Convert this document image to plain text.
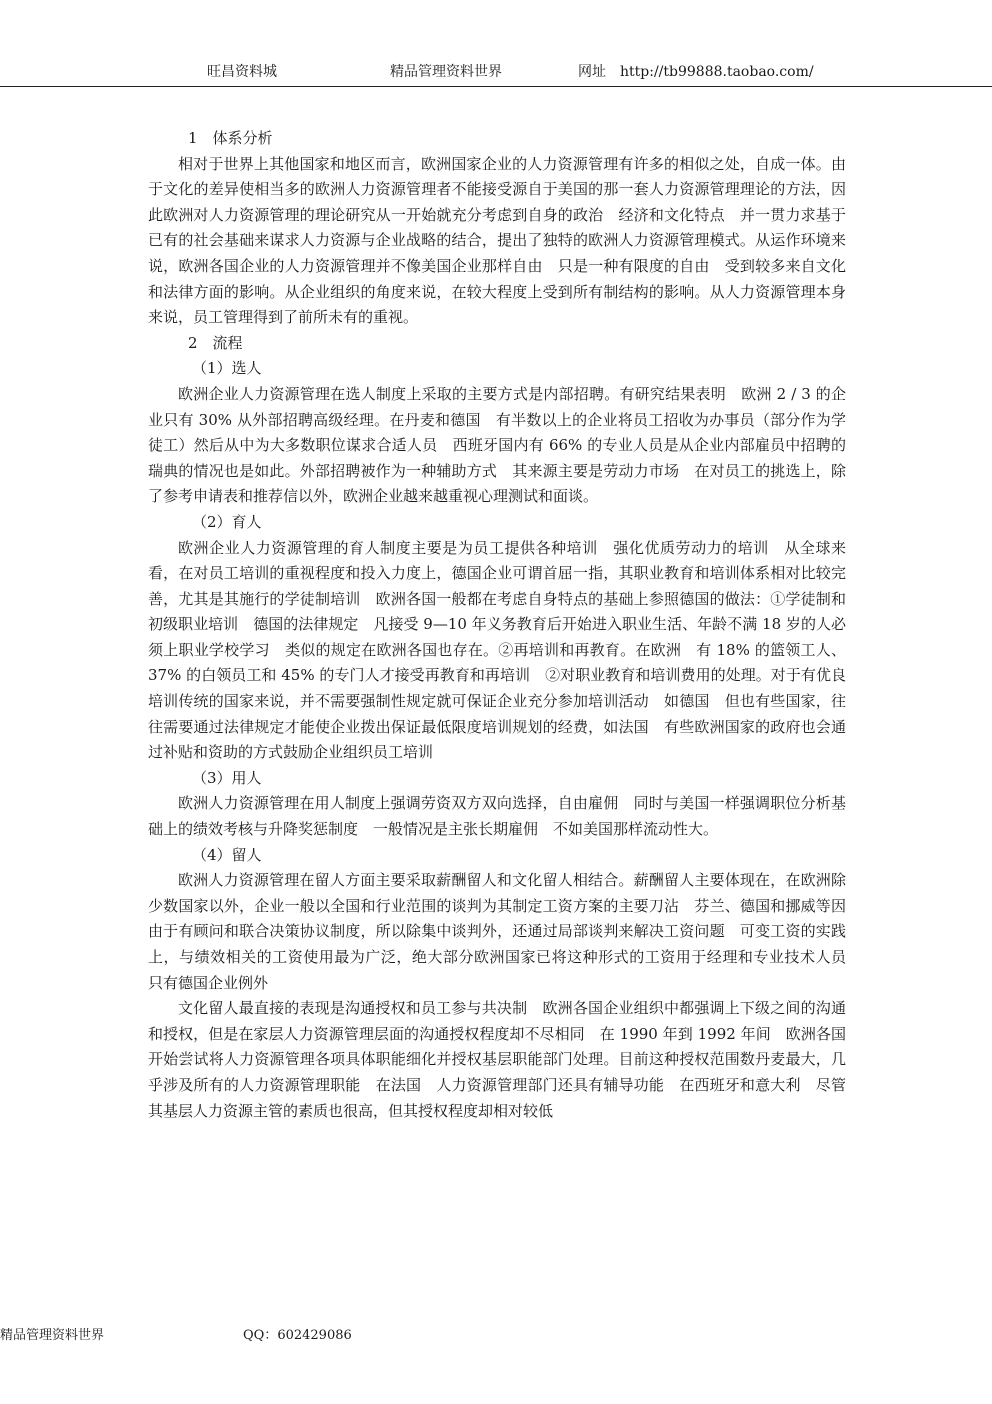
旺昌资料城	精品管理资料世界	网址　http://tb99888.taobao.com/

1　体系分析

相对于世界上其他国家和地区而言，欧洲国家企业的人力资源管理有许多的相似之处，自成一体。由于文化的差异使相当多的欧洲人力资源管理者不能接受源自于美国的那一套人力资源管理理论的方法，因此欧洲对人力资源管理的理论研究从一开始就充分考虑到自身的政治　经济和文化特点　并一贯力求基于已有的社会基础来谋求人力资源与企业战略的结合，提出了独特的欧洲人力资源管理模式。从运作环境来说，欧洲各国企业的人力资源管理并不像美国企业那样自由　只是一种有限度的自由　受到较多来自文化和法律方面的影响。从企业组织的角度来说，在较大程度上受到所有制结构的影响。从人力资源管理本身来说，员工管理得到了前所未有的重视。

2　流程

（1）选人

欧洲企业人力资源管理在选人制度上采取的主要方式是内部招聘。有研究结果表明　欧洲 2 / 3 的企业只有 30% 从外部招聘高级经理。在丹麦和德国　有半数以上的企业将员工招收为办事员（部分作为学徒工）然后从中为大多数职位谋求合适人员　西班牙国内有 66% 的专业人员是从企业内部雇员中招聘的　瑞典的情况也是如此。外部招聘被作为一种辅助方式　其来源主要是劳动力市场　在对员工的挑选上，除了参考申请表和推荐信以外，欧洲企业越来越重视心理测试和面谈。

（2）育人

欧洲企业人力资源管理的育人制度主要是为员工提供各种培训　强化优质劳动力的培训　从全球来看，在对员工培训的重视程度和投入力度上，德国企业可谓首屈一指，其职业教育和培训体系相对比较完善，尤其是其施行的学徒制培训　欧洲各国一般都在考虑自身特点的基础上参照德国的做法：①学徒制和初级职业培训　德国的法律规定　凡接受 9—10 年义务教育后开始进入职业生活、年龄不满 18 岁的人必须上职业学校学习　类似的规定在欧洲各国也存在。②再培训和再教育。在欧洲　有 18% 的篮领工人、37% 的白领员工和 45% 的专门人才接受再教育和再培训　②对职业教育和培训费用的处理。对于有优良培训传统的国家来说，并不需要强制性规定就可保证企业充分参加培训活动　如德国　但也有些国家，往往需要通过法律规定才能使企业拨出保证最低限度培训规划的经费，如法国　有些欧洲国家的政府也会通过补贴和资助的方式鼓励企业组织员工培训

（3）用人

欧洲人力资源管理在用人制度上强调劳资双方双向选择，自由雇佣　同时与美国一样强调职位分析基础上的绩效考核与升降奖惩制度　一般情况是主张长期雇佣　不如美国那样流动性大。

（4）留人

欧洲人力资源管理在留人方面主要采取薪酬留人和文化留人相结合。薪酬留人主要体现在，在欧洲除少数国家以外，企业一般以全国和行业范围的谈判为其制定工资方案的主要刀沾　芬兰、德国和挪威等因由于有顾问和联合决策协议制度，所以除集中谈判外，还通过局部谈判来解决工资问题　可变工资的实践上，与绩效相关的工资使用最为广泛，绝大部分欧洲国家已将这种形式的工资用于经理和专业技术人员　只有德国企业例外

文化留人最直接的表现是沟通授权和员工参与共决制　欧洲各国企业组织中都强调上下级之间的沟通和授权，但是在家层人力资源管理层面的沟通授权程度却不尽相同　在 1990 年到 1992 年间　欧洲各国开始尝试将人力资源管理各项具体职能细化并授权基层职能部门处理。目前这种授权范围数丹麦最大，几乎涉及所有的人力资源管理职能　在法国　人力资源管理部门还具有辅导功能　在西班牙和意大利　尽管其基层人力资源主管的素质也很高，但其授权程度却相对较低

精品管理资料世界	QQ：602429086
